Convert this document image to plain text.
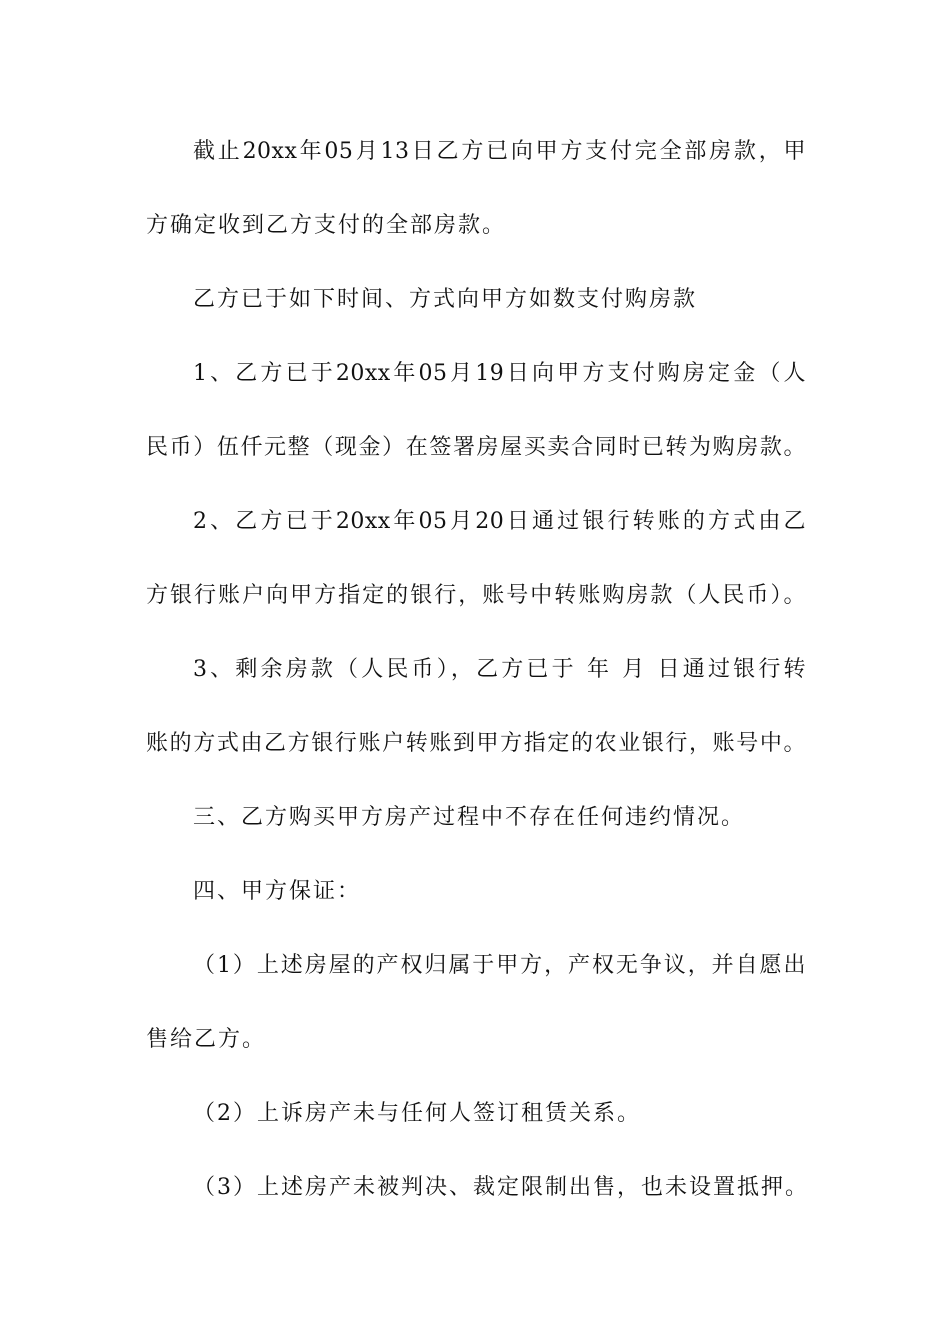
截止20xx年05月13日乙方已向甲方支付完全部房款，甲
方确定收到乙方支付的全部房款。
乙方已于如下时间、方式向甲方如数支付购房款
1、乙方已于20xx年05月19日向甲方支付购房定金（人
民币）伍仟元整（现金）在签署房屋买卖合同时已转为购房款。
2、乙方已于20xx年05月20日通过银行转账的方式由乙
方银行账户向甲方指定的银行，账号中转账购房款（人民币）。
3、剩余房款（人民币），乙方已于 年 月 日通过银行转
账的方式由乙方银行账户转账到甲方指定的农业银行，账号中。
三、乙方购买甲方房产过程中不存在任何违约情况。
四、甲方保证：
（1）上述房屋的产权归属于甲方，产权无争议，并自愿出
售给乙方。
（2）上诉房产未与任何人签订租赁关系。
（3）上述房产未被判决、裁定限制出售，也未设置抵押。
